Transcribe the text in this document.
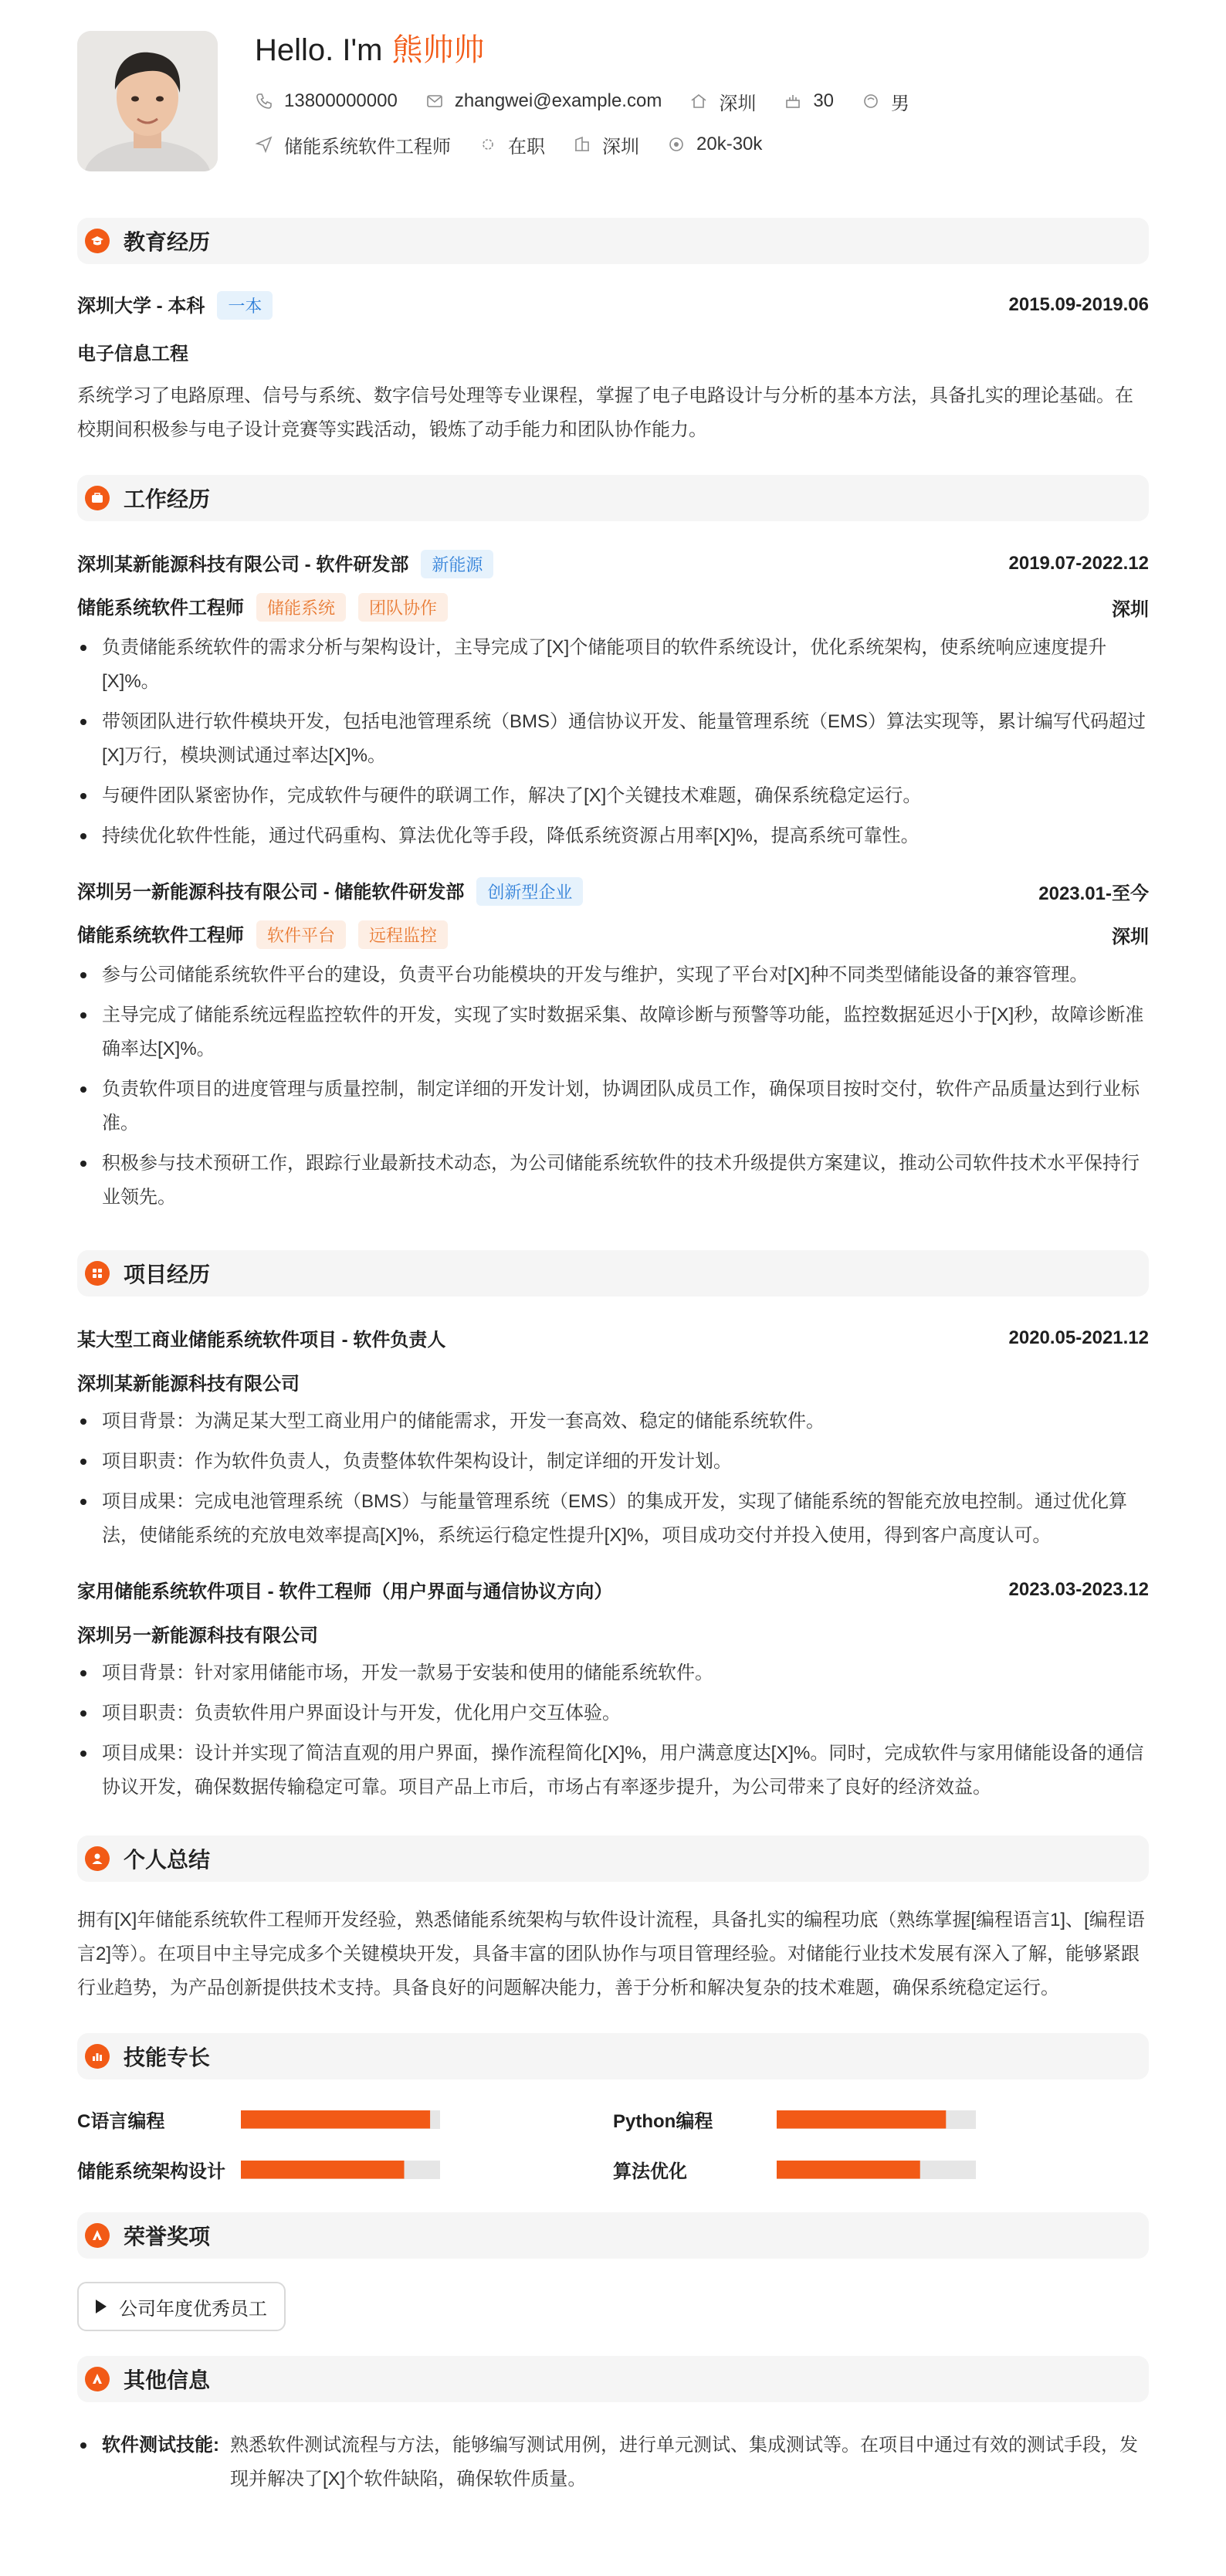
Hello. I'm 熊帅帅
13800000000	zhangwei@example.com	深圳	30	男
储能系统软件工程师	在职	深圳	20k-30k
教育经历
深圳大学 - 本科 一本	2015.09-2019.06
电子信息工程
系统学习了电路原理、信号与系统、数字信号处理等专业课程，掌握了电子电路设计与分析的基本方法，具备扎实的理论基础。在校期间积极参与电子设计竞赛等实践活动，锻炼了动手能力和团队协作能力。
工作经历
深圳某新能源科技有限公司 - 软件研发部 新能源	2019.07-2022.12
储能系统软件工程师 储能系统 团队协作	深圳
负责储能系统软件的需求分析与架构设计，主导完成了[X]个储能项目的软件系统设计，优化系统架构，使系统响应速度提升[X]%。
带领团队进行软件模块开发，包括电池管理系统（BMS）通信协议开发、能量管理系统（EMS）算法实现等，累计编写代码超过[X]万行，模块测试通过率达[X]%。
与硬件团队紧密协作，完成软件与硬件的联调工作，解决了[X]个关键技术难题，确保系统稳定运行。
持续优化软件性能，通过代码重构、算法优化等手段，降低系统资源占用率[X]%，提高系统可靠性。
深圳另一新能源科技有限公司 - 储能软件研发部 创新型企业	2023.01-至今
储能系统软件工程师 软件平台 远程监控	深圳
参与公司储能系统软件平台的建设，负责平台功能模块的开发与维护，实现了平台对[X]种不同类型储能设备的兼容管理。
主导完成了储能系统远程监控软件的开发，实现了实时数据采集、故障诊断与预警等功能，监控数据延迟小于[X]秒，故障诊断准确率达[X]%。
负责软件项目的进度管理与质量控制，制定详细的开发计划，协调团队成员工作，确保项目按时交付，软件产品质量达到行业标准。
积极参与技术预研工作，跟踪行业最新技术动态，为公司储能系统软件的技术升级提供方案建议，推动公司软件技术水平保持行业领先。
项目经历
某大型工商业储能系统软件项目 - 软件负责人	2020.05-2021.12
深圳某新能源科技有限公司
项目背景：为满足某大型工商业用户的储能需求，开发一套高效、稳定的储能系统软件。
项目职责：作为软件负责人，负责整体软件架构设计，制定详细的开发计划。
项目成果：完成电池管理系统（BMS）与能量管理系统（EMS）的集成开发，实现了储能系统的智能充放电控制。通过优化算法，使储能系统的充放电效率提高[X]%，系统运行稳定性提升[X]%，项目成功交付并投入使用，得到客户高度认可。
家用储能系统软件项目 - 软件工程师（用户界面与通信协议方向）	2023.03-2023.12
深圳另一新能源科技有限公司
项目背景：针对家用储能市场，开发一款易于安装和使用的储能系统软件。
项目职责：负责软件用户界面设计与开发，优化用户交互体验。
项目成果：设计并实现了简洁直观的用户界面，操作流程简化[X]%，用户满意度达[X]%。同时，完成软件与家用储能设备的通信协议开发，确保数据传输稳定可靠。项目产品上市后，市场占有率逐步提升，为公司带来了良好的经济效益。
个人总结
拥有[X]年储能系统软件工程师开发经验，熟悉储能系统架构与软件设计流程，具备扎实的编程功底（熟练掌握[编程语言1]、[编程语言2]等）。在项目中主导完成多个关键模块开发，具备丰富的团队协作与项目管理经验。对储能行业技术发展有深入了解，能够紧跟行业趋势，为产品创新提供技术支持。具备良好的问题解决能力，善于分析和解决复杂的技术难题，确保系统稳定运行。
技能专长
C语言编程	Python编程
储能系统架构设计	算法优化
荣誉奖项
公司年度优秀员工
其他信息
软件测试技能: 熟悉软件测试流程与方法，能够编写测试用例，进行单元测试、集成测试等。在项目中通过有效的测试手段，发现并解决了[X]个软件缺陷，确保软件质量。
